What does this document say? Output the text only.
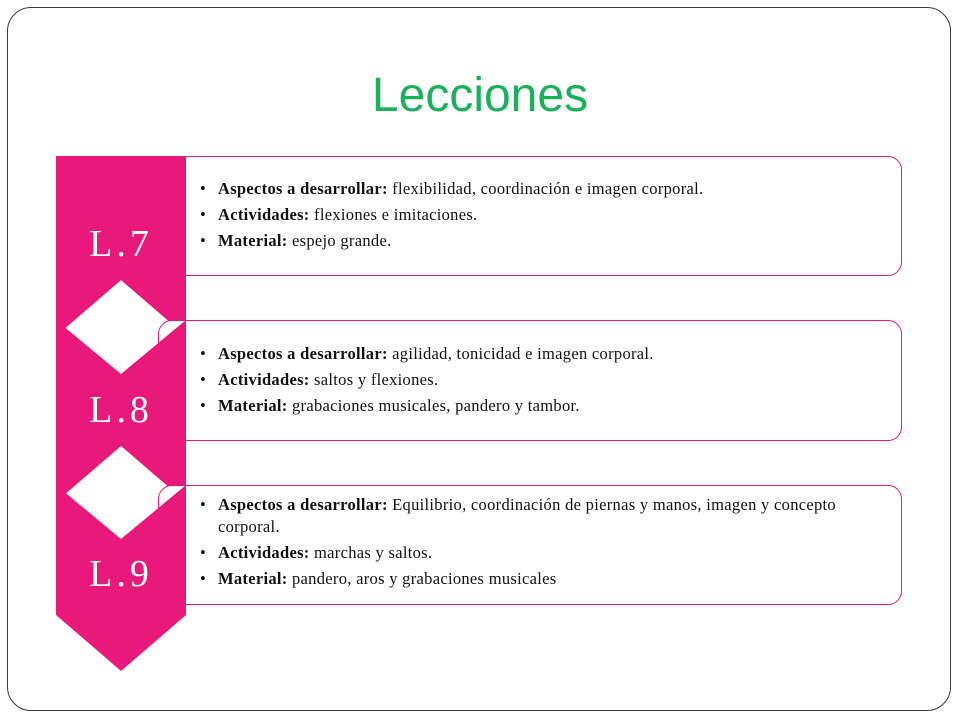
Lecciones
L.7
• Aspectos a desarrollar: flexibilidad, coordinación e imagen corporal.
• Actividades: flexiones e imitaciones.
• Material: espejo grande.
L.8
• Aspectos a desarrollar: agilidad, tonicidad e imagen corporal.
• Actividades: saltos y flexiones.
• Material: grabaciones musicales, pandero y tambor.
L.9
• Aspectos a desarrollar: Equilibrio, coordinación de piernas y manos, imagen y concepto corporal.
• Actividades: marchas y saltos.
• Material: pandero, aros y grabaciones musicales
